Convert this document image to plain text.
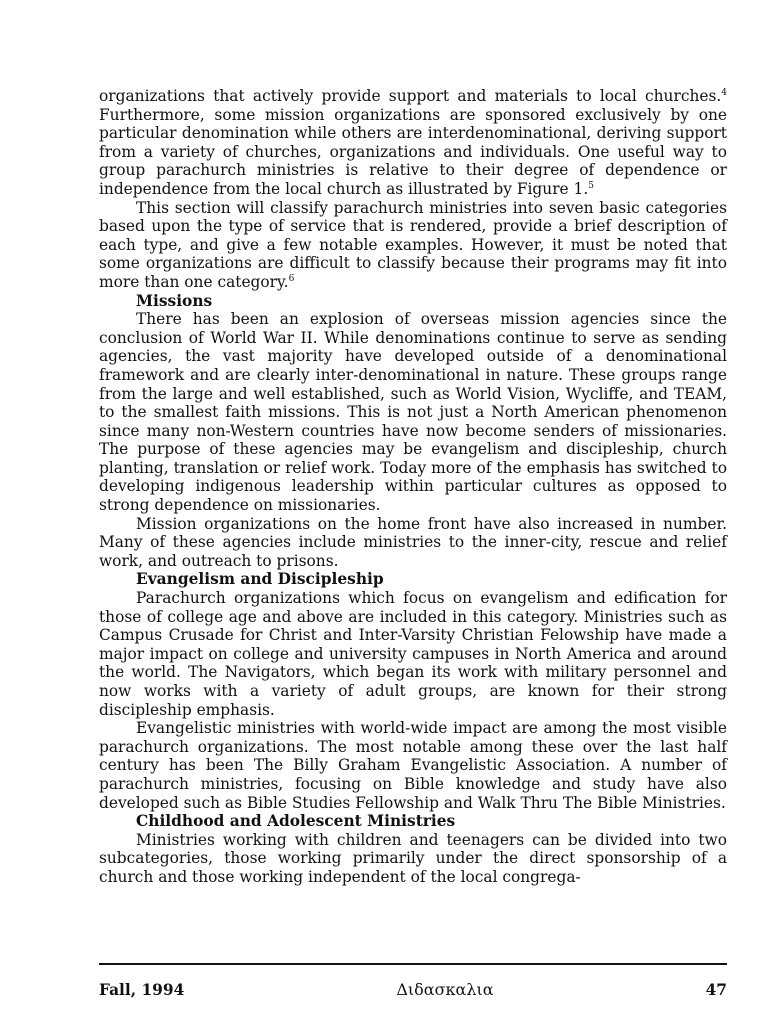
organizations that actively provide support and materials to local churches.$^4$ Furthermore, some mission organizations are sponsored exclusively by one particular denomination while others are interdenominational, deriving support from a variety of churches, organizations and individuals. One useful way to group parachurch ministries is relative to their degree of dependence or independence from the local church as illustrated by Figure 1.$^5$

This section will classify parachurch ministries into seven basic categories based upon the type of service that is rendered, provide a brief description of each type, and give a few notable examples. However, it must be noted that some organizations are difficult to classify because their programs may fit into more than one category.$^6$

Missions

There has been an explosion of overseas mission agencies since the conclusion of World War II. While denominations continue to serve as sending agencies, the vast majority have developed outside of a denominational framework and are clearly inter-denominational in nature. These groups range from the large and well established, such as World Vision, Wycliffe, and TEAM, to the smallest faith missions. This is not just a North American phenomenon since many non-Western countries have now become senders of missionaries. The purpose of these agencies may be evangelism and discipleship, church planting, translation or relief work. Today more of the emphasis has switched to developing indigenous leadership within particular cultures as opposed to strong dependence on missionaries.

Mission organizations on the home front have also increased in number. Many of these agencies include ministries to the inner-city, rescue and relief work, and outreach to prisons.

Evangelism and Discipleship

Parachurch organizations which focus on evangelism and edification for those of college age and above are included in this category. Ministries such as Campus Crusade for Christ and Inter-Varsity Christian Felowship have made a major impact on college and university campuses in North America and around the world. The Navigators, which began its work with military personnel and now works with a variety of adult groups, are known for their strong discipleship emphasis.

Evangelistic ministries with world-wide impact are among the most visible parachurch organizations. The most notable among these over the last half century has been The Billy Graham Evangelistic Association. A number of parachurch ministries, focusing on Bible knowledge and study have also developed such as Bible Studies Fellowship and Walk Thru The Bible Ministries.

Childhood and Adolescent Ministries

Ministries working with children and teenagers can be divided into two subcategories, those working primarily under the direct sponsorship of a church and those working independent of the local congrega-

Fall, 1994	Διδασκαλια	47
